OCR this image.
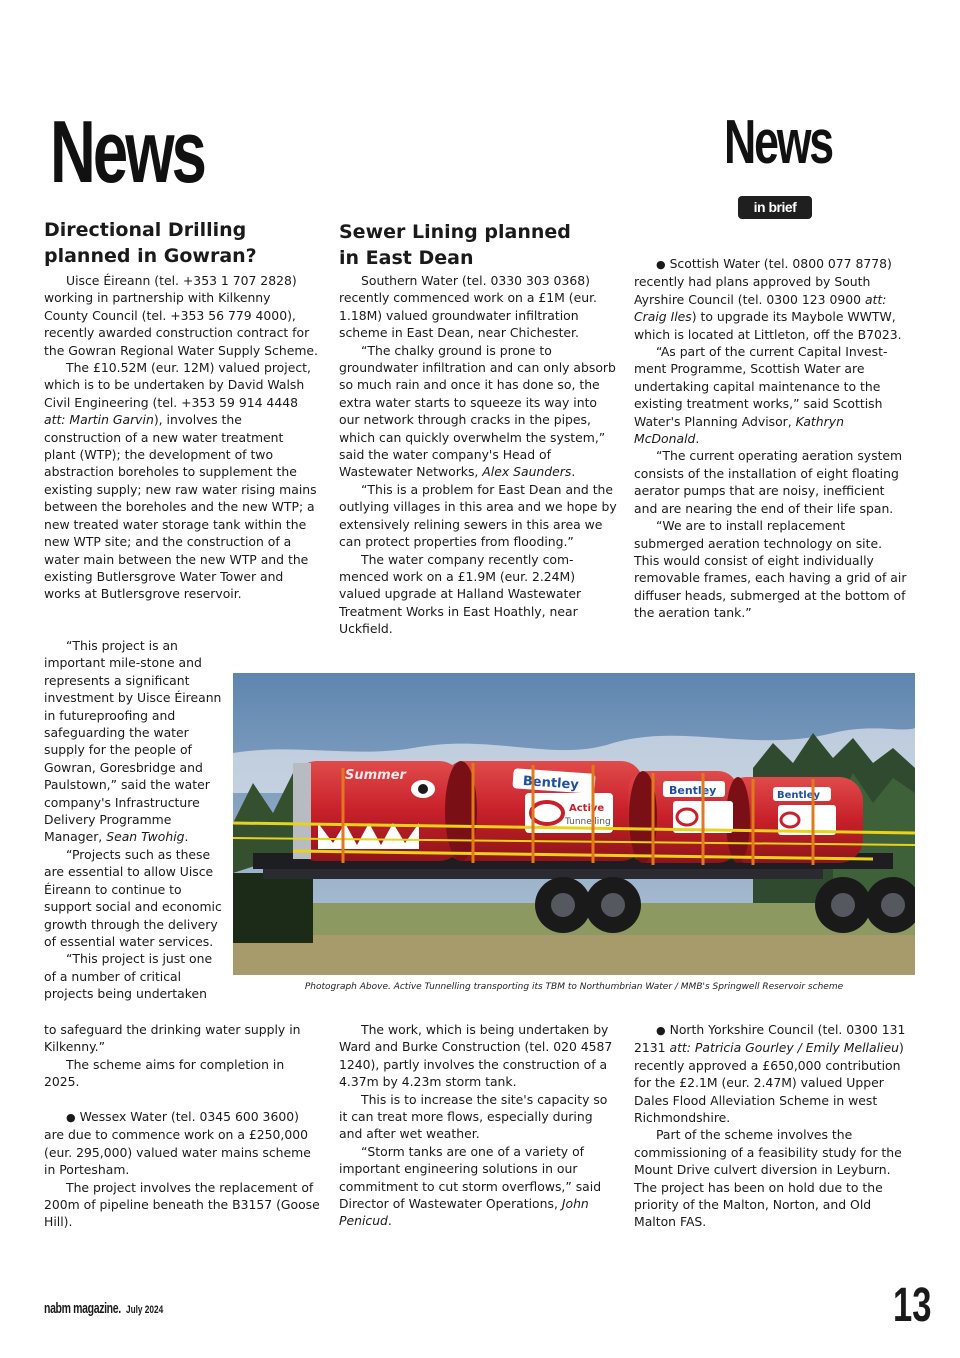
News	News
in brief
Directional Drilling
planned in Gowran?

Uisce Éireann (tel. +353 1 707 2828) working in partnership with Kilkenny County Council (tel. +353 56 779 4000), recently awarded construction contract for the Gowran Regional Water Supply Scheme.

The £10.52M (eur. 12M) valued project, which is to be undertaken by David Walsh Civil Engineering (tel. +353 59 914 4448 att: Martin Garvin), involves the construction of a new water treatment plant (WTP); the development of two abstraction boreholes to supplement the existing supply; new raw water rising mains between the boreholes and the new WTP; a new treated water storage tank within the new WTP site; and the construction of a water main between the new WTP and the existing Butlersgrove Water Tower and works at Butlersgrove reservoir.

“This project is an important mile-stone and represents a significant investment by Uisce Éireann in futureproofing and safeguarding the water supply for the people of Gowran, Goresbridge and Paulstown,” said the water company's Infrastructure Delivery Programme Manager, Sean Twohig.

“Projects such as these are essential to allow Uisce Éireann to continue to support social and economic growth through the delivery of essential water services.

“This project is just one of a number of critical projects being undertaken

to safeguard the drinking water supply in Kilkenny.”

The scheme aims for completion in 2025.

● Wessex Water (tel. 0345 600 3600) are due to commence work on a £250,000 (eur. 295,000) valued water mains scheme in Portesham.

The project involves the replacement of 200m of pipeline beneath the B3157 (Goose Hill).

Sewer Lining planned
in East Dean

Southern Water (tel. 0330 303 0368) recently commenced work on a £1M (eur. 1.18M) valued groundwater infiltration scheme in East Dean, near Chichester.

“The chalky ground is prone to groundwater infiltration and can only absorb so much rain and once it has done so, the extra water starts to squeeze its way into our network through cracks in the pipes, which can quickly overwhelm the system,” said the water company's Head of Wastewater Networks, Alex Saunders.

“This is a problem for East Dean and the outlying villages in this area and we hope by extensively relining sewers in this area we can protect properties from flooding.”

The water company recently com-menced work on a £1.9M (eur. 2.24M) valued upgrade at Halland Wastewater Treatment Works in East Hoathly, near Uckfield.

The work, which is being undertaken by Ward and Burke Construction (tel. 020 4587 1240), partly involves the construction of a 4.37m by 4.23m storm tank.

This is to increase the site's capacity so it can treat more flows, especially during and after wet weather.

“Storm tanks are one of a variety of important engineering solutions in our commitment to cut storm overflows,” said Director of Wastewater Operations, John Penicud.

● Scottish Water (tel. 0800 077 8778) recently had plans approved by South Ayrshire Council (tel. 0300 123 0900 att: Craig Iles) to upgrade its Maybole WWTW, which is located at Littleton, off the B7023.

“As part of the current Capital Invest-ment Programme, Scottish Water are undertaking capital maintenance to the existing treatment works,” said Scottish Water's Planning Advisor, Kathryn McDonald.

“The current operating aeration system consists of the installation of eight floating aerator pumps that are noisy, inefficient and are nearing the end of their life span.

“We are to install replacement submerged aeration technology on site. This would consist of eight individually removable frames, each having a grid of air diffuser heads, submerged at the bottom of the aeration tank.”

● North Yorkshire Council (tel. 0300 131 2131 att: Patricia Gourley / Emily Mellalieu) recently approved a £650,000 contribution for the £2.1M (eur. 2.47M) valued Upper Dales Flood Alleviation Scheme in west Richmondshire.

Part of the scheme involves the commissioning of a feasibility study for the Mount Drive culvert diversion in Leyburn. The project has been on hold due to the priority of the Malton, Norton, and Old Malton FAS.

Summer	Bentley
Active
Tunnelling
Bentley	Bentley
Photograph Above. Active Tunnelling transporting its TBM to Northumbrian Water / MMB's Springwell Reservoir scheme
nabm magazine. July 2024	13
